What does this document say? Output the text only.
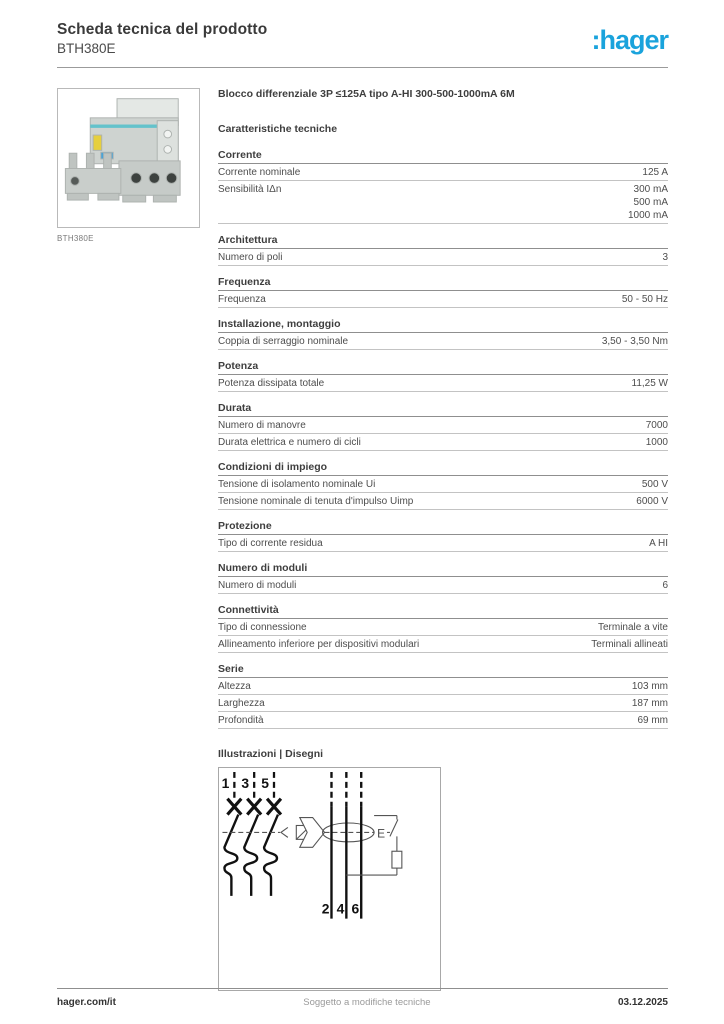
Scheda tecnica del prodotto
BTH380E	:hager
BTH380E
Blocco differenziale 3P ≤125A tipo A-HI 300-500-1000mA 6M
Caratteristiche tecniche
Corrente
Corrente nominale	125 A
Sensibilità IΔn	300 mA
500 mA
1000 mA
Architettura
Numero di poli	3
Frequenza
Frequenza	50 - 50 Hz
Installazione, montaggio
Coppia di serraggio nominale	3,50 - 3,50 Nm
Potenza
Potenza dissipata totale	11,25 W
Durata
Numero di manovre	7000
Durata elettrica e numero di cicli	1000
Condizioni di impiego
Tensione di isolamento nominale Ui	500 V
Tensione nominale di tenuta d'impulso Uimp	6000 V
Protezione
Tipo di corrente residua	A HI
Numero di moduli
Numero di moduli	6
Connettività
Tipo di connessione	Terminale a vite
Allineamento inferiore per dispositivi modulari	Terminali allineati
Serie
Altezza	103 mm
Larghezza	187 mm
Profondità	69 mm
Illustrazioni | Disegni
1 3 5
E
2 4 6
hager.com/it	Soggetto a modifiche tecniche	03.12.2025
